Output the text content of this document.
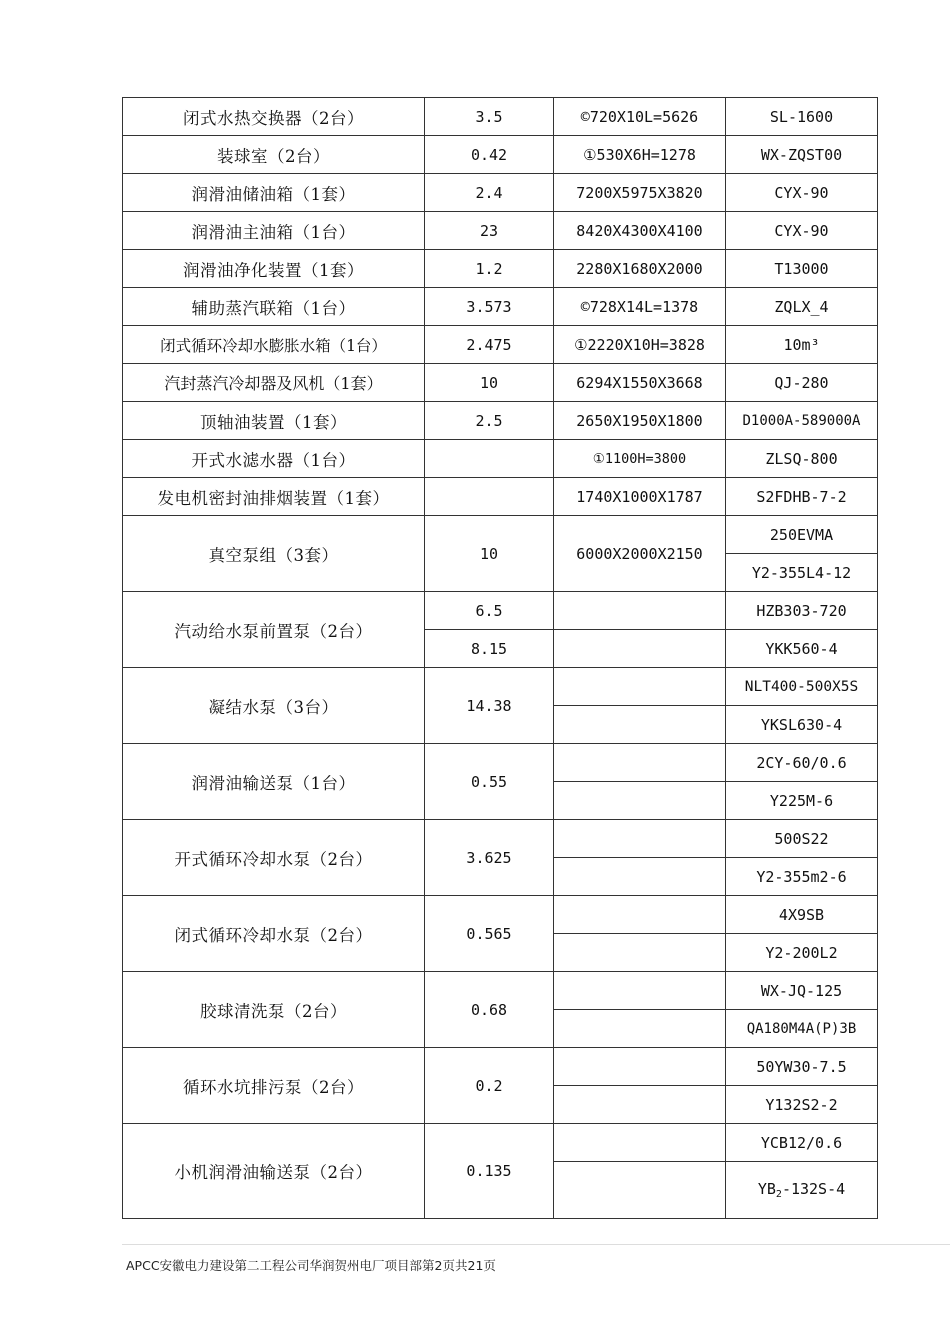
闭式水热交换器（2台）	3.5	©720X10L=5626	SL-1600
装球室（2台）	0.42	①530X6H=1278	WX-ZQST00
润滑油储油箱（1套）	2.4	7200X5975X3820	CYX-90
润滑油主油箱（1台）	23	8420X4300X4100	CYX-90
润滑油净化装置（1套）	1.2	2280X1680X2000	T13000
辅助蒸汽联箱（1台）	3.573	©728X14L=1378	ZQLX_4
闭式循环冷却水膨胀水箱（1台）	2.475	①2220X10H=3828	10m³
汽封蒸汽冷却器及风机（1套）	10	6294X1550X3668	QJ-280
顶轴油装置（1套）	2.5	2650X1950X1800	D1000A-589000A
开式水滤水器（1台）		①1100H=3800	ZLSQ-800
发电机密封油排烟装置（1套）		1740X1000X1787	S2FDHB-7-2
真空泵组（3套）	10	6000X2000X2150	250EVMA
			Y2-355L4-12
汽动给水泵前置泵（2台）	6.5		HZB303-720
	8.15		YKK560-4
凝结水泵（3台）	14.38		NLT400-500X5S
			YKSL630-4
润滑油输送泵（1台）	0.55		2CY-60/0.6
			Y225M-6
开式循环冷却水泵（2台）	3.625		500S22
			Y2-355m2-6
闭式循环冷却水泵（2台）	0.565		4X9SB
			Y2-200L2
胶球清洗泵（2台）	0.68		WX-JQ-125
			QA180M4A(P)3B
循环水坑排污泵（2台）	0.2		50YW30-7.5
			Y132S2-2
小机润滑油输送泵（2台）	0.135		YCB12/0.6
			$YB_2-132S-4$
APCC安徽电力建设第二工程公司华润贺州电厂项目部第2页共21页
